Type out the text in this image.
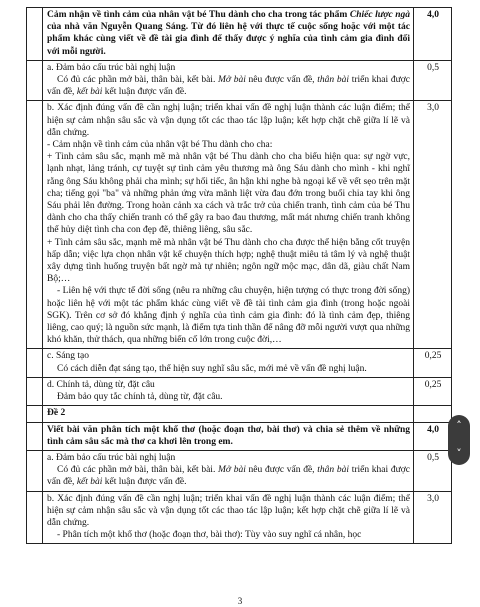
	Cảm nhận về tình cảm của nhân vật bé Thu dành cho cha trong tác phẩm Chiếc lược ngà của nhà văn Nguyễn Quang Sáng. Từ đó liên hệ với thực tế cuộc sống hoặc với một tác phẩm khác cùng viết về đề tài gia đình để thấy được ý nghĩa của tình cảm gia đình đối với mỗi người.	4,0

	a. Đảm bảo cấu trúc bài nghị luận
Có đủ các phần mở bài, thân bài, kết bài. Mở bài nêu được vấn đề, thân bài triển khai được vấn đề, kết bài kết luận được vấn đề.	0,5

	b. Xác định đúng vấn đề cần nghị luận; triển khai vấn đề nghị luận thành các luận điểm; thể hiện sự cảm nhận sâu sắc và vận dụng tốt các thao tác lập luận; kết hợp chặt chẽ giữa lí lẽ và dẫn chứng.
- Cảm nhận về tình cảm của nhân vật bé Thu dành cho cha:
+ Tình cảm sâu sắc, mạnh mẽ mà nhân vật bé Thu dành cho cha biểu hiện qua: sự ngờ vực, lạnh nhạt, lảng tránh, cự tuyệt sự tình cảm yêu thương mà ông Sáu dành cho mình - khi nghĩ rằng ông Sáu không phải cha mình; sự hối tiếc, ân hận khi nghe bà ngoại kể về vết sẹo trên mặt cha; tiếng gọi "ba" và những phản ứng vừa mãnh liệt vừa đau đớn trong buổi chia tay khi ông Sáu phải lên đường. Trong hoàn cảnh xa cách và trắc trở của chiến tranh, tình cảm của bé Thu dành cho cha thấy chiến tranh có thể gây ra bao đau thương, mất mát nhưng chiến tranh không thể hủy diệt tình cha con đẹp đẽ, thiêng liêng, sâu sắc.
+ Tình cảm sâu sắc, mạnh mẽ mà nhân vật bé Thu dành cho cha được thể hiện bằng cốt truyện hấp dẫn; việc lựa chọn nhân vật kể chuyện thích hợp; nghệ thuật miêu tả tâm lý và nghệ thuật xây dựng tình huống truyện bất ngờ mà tự nhiên; ngôn ngữ mộc mạc, dân dã, giàu chất Nam Bộ;…
- Liên hệ với thực tế đời sống (nêu ra những câu chuyện, hiện tượng có thực trong đời sống) hoặc liên hệ với một tác phẩm khác cùng viết về đề tài tình cảm gia đình (trong hoặc ngoài SGK). Trên cơ sở đó khẳng định ý nghĩa của tình cảm gia đình: đó là tình cảm đẹp, thiêng liêng, cao quý; là nguồn sức mạnh, là điểm tựa tinh thần để nâng đỡ mỗi người vượt qua những khó khăn, thử thách, qua những biến cố lớn trong cuộc đời,…	3,0

	c. Sáng tạo
Có cách diễn đạt sáng tạo, thể hiện suy nghĩ sâu sắc, mới mẻ về vấn đề nghị luận.	0,25

	d. Chính tả, dùng từ, đặt câu
Đảm bảo quy tắc chính tả, dùng từ, đặt câu.	0,25
	Đề 2	
	Viết bài văn phân tích một khổ thơ (hoặc đoạn thơ, bài thơ) và chia sẻ thêm về những tình cảm sâu sắc mà thơ ca khơi lên trong em.	4,0

	a. Đảm bảo cấu trúc bài nghị luận
Có đủ các phần mở bài, thân bài, kết bài. Mở bài nêu được vấn đề, thân bài triển khai được vấn đề, kết bài kết luận được vấn đề.	0,5

	b. Xác định đúng vấn đề cần nghị luận; triển khai vấn đề nghị luận thành các luận điểm; thể hiện sự cảm nhận sâu sắc và vận dụng tốt các thao tác lập luận; kết hợp chặt chẽ giữa lí lẽ và dẫn chứng.
- Phân tích một khổ thơ (hoặc đoạn thơ, bài thơ): Tùy vào suy nghĩ cá nhân, học	3,0
3
˄
˅
